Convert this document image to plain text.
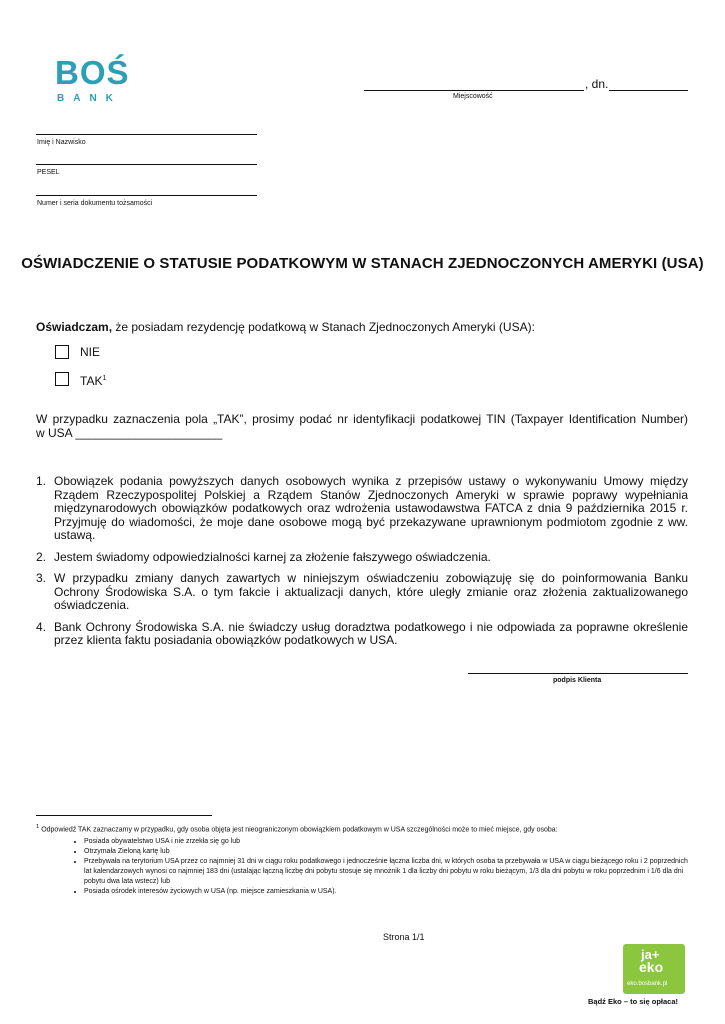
BOŚ
BANK
, dn.
Miejscowość
Imię i Nazwisko
PESEL
Numer i seria dokumentu tożsamości
OŚWIADCZENIE O STATUSIE PODATKOWYM W STANACH ZJEDNOCZONYCH AMERYKI (USA)
Oświadczam, że posiadam rezydencję podatkową w Stanach Zjednoczonych Ameryki (USA):
NIE
TAK$^1$
W przypadku zaznaczenia pola „TAK”, prosimy podać nr identyfikacji podatkowej TIN (Taxpayer Identification Number)
w USA ______________________
1. Obowiązek podania powyższych danych osobowych wynika z przepisów ustawy o wykonywaniu Umowy między Rządem Rzeczypospolitej Polskiej a Rządem Stanów Zjednoczonych Ameryki w sprawie poprawy wypełniania międzynarodowych obowiązków podatkowych oraz wdrożenia ustawodawstwa FATCA z dnia 9 października 2015 r. Przyjmuję do wiadomości, że moje dane osobowe mogą być przekazywane uprawnionym podmiotom zgodnie z ww. ustawą.
2. Jestem świadomy odpowiedzialności karnej za złożenie fałszywego oświadczenia.
3. W przypadku zmiany danych zawartych w niniejszym oświadczeniu zobowiązuję się do poinformowania Banku Ochrony Środowiska S.A. o tym fakcie i aktualizacji danych, które uległy zmianie oraz złożenia zaktualizowanego oświadczenia.
4. Bank Ochrony Środowiska S.A. nie świadczy usług doradztwa podatkowego i nie odpowiada za poprawne określenie przez klienta faktu posiadania obowiązków podatkowych w USA.
podpis Klienta
$^1$ Odpowiedź TAK zaznaczamy w przypadku, gdy osoba objęta jest nieograniczonym obowiązkiem podatkowym w USA szczególności może to mieć miejsce, gdy osoba:
• Posiada obywatelstwo USA i nie zrzekła się go lub
• Otrzymała Zieloną kartę lub
• Przebywała na terytorium USA przez co najmniej 31 dni w ciągu roku podatkowego i jednocześnie łączna liczba dni, w których osoba ta przebywała w USA w ciągu bieżącego roku i 2 poprzednich lat kalendarzowych wynosi co najmniej 183 dni (ustalając łączną liczbę dni pobytu stosuje się mnożnik 1 dla liczby dni pobytu w roku bieżącym, 1/3 dla dni pobytu w roku poprzednim i 1/6 dla dni pobytu dwa lata wstecz) lub
• Posiada ośrodek interesów życiowych w USA (np. miejsce zamieszkania w USA).
Strona 1/1
ja+
eko
eko.bosbank.pl
Bądź Eko – to się opłaca!
